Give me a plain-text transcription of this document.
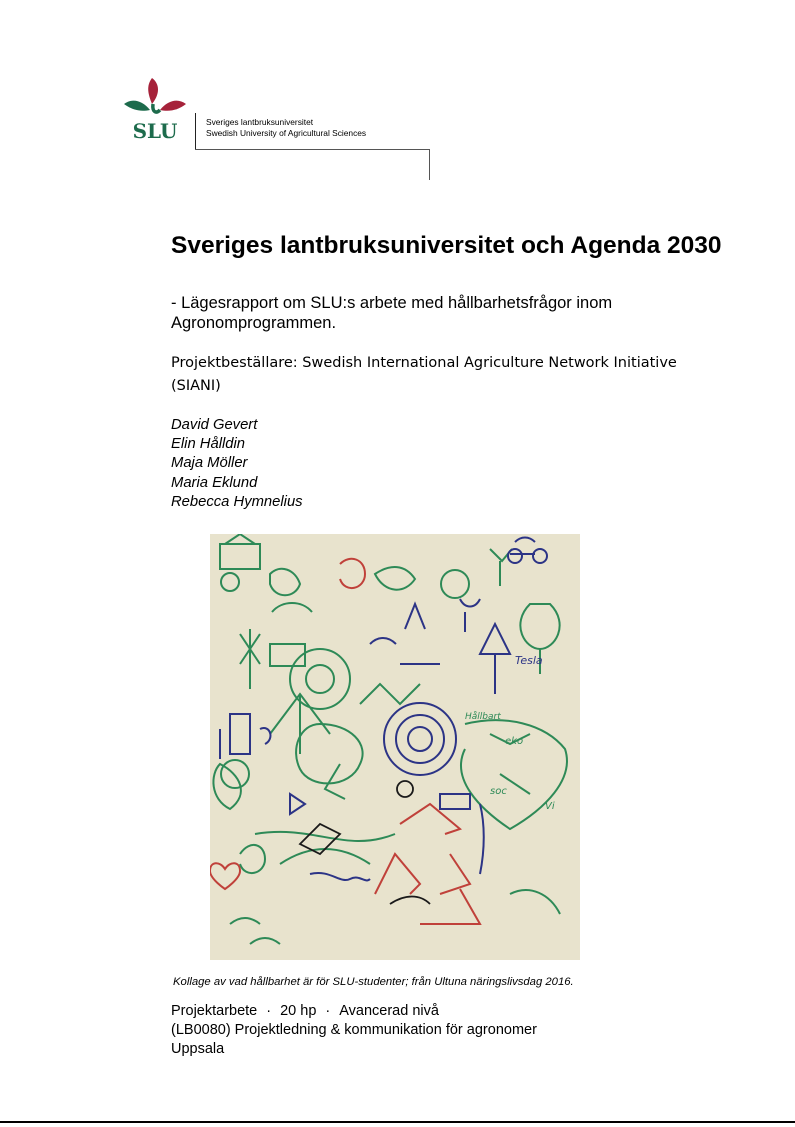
SLU	Sveriges lantbruksuniversitet
Swedish University of Agricultural Sciences
Sveriges lantbruksuniversitet och Agenda 2030

- Lägesrapport om SLU:s arbete med hållbarhetsfrågor inom Agronomprogrammen.

Projektbeställare: Swedish International Agriculture Network Initiative (SIANI)
David Gevert
Elin Hålldin
Maja Möller
Maria Eklund
Rebecca Hymnelius
Tesla
Hållbart
eko
soc
Vi
Kollage av vad hållbarhet är för SLU-studenter; från Ultuna näringslivsdag 2016.
Projektarbete · 20 hp · Avancerad nivå
(LB0080) Projektledning & kommunikation för agronomer
Uppsala
